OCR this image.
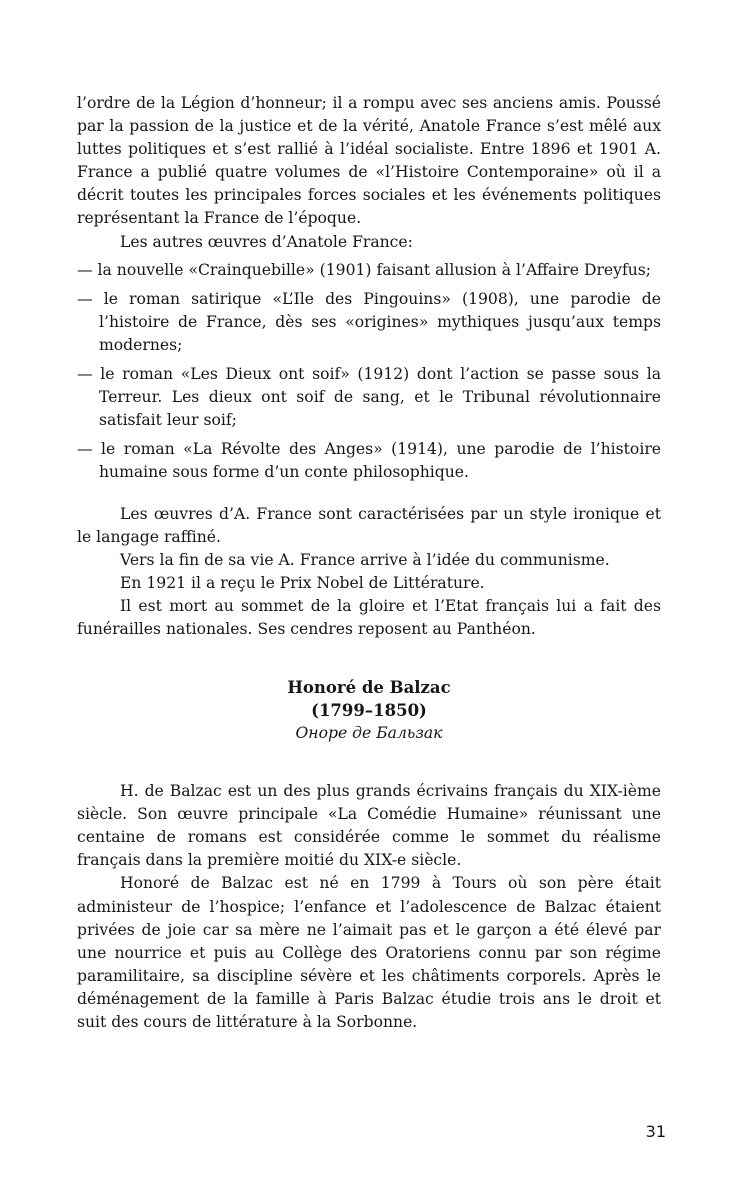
l’ordre de la Légion d’honneur; il a rompu avec ses anciens amis. Poussé par la passion de la justice et de la vérité, Anatole France s’est mêlé aux luttes politiques et s’est rallié à l’idéal socialiste. Entre 1896 et 1901 A. France a publié quatre volumes de «l’Histoire Contemporaine» où il a décrit toutes les principales forces sociales et les événements politiques représentant la France de l’époque.

Les autres œuvres d’Anatole France:

— la nouvelle «Crainquebille» (1901) faisant allusion à l’Affaire Dreyfus;
— le roman satirique «L’Ile des Pingouins» (1908), une parodie de l’histoire de France, dès ses «origines» mythiques jusqu’aux temps modernes;
— le roman «Les Dieux ont soif» (1912) dont l’action se passe sous la Terreur. Les dieux ont soif de sang, et le Tribunal révolutionnaire satisfait leur soif;
— le roman «La Révolte des Anges» (1914), une parodie de l’histoire humaine sous forme d’un conte philosophique.

Les œuvres d’A. France sont caractérisées par un style ironique et le langage raffiné.

Vers la fin de sa vie A. France arrive à l’idée du communisme.

En 1921 il a reçu le Prix Nobel de Littérature.

Il est mort au sommet de la gloire et l’Etat français lui a fait des funérailles nationales. Ses cendres reposent au Panthéon.

Honoré de Balzac
(1799–1850)
Оноре де Бальзак

H. de Balzac est un des plus grands écrivains français du XIX-ième siècle. Son œuvre principale «La Comédie Humaine» réunissant une centaine de romans est considérée comme le sommet du réalisme français dans la première moitié du XIX-e siècle.

Honoré de Balzac est né en 1799 à Tours où son père était administeur de l’hospice; l’enfance et l’adolescence de Balzac étaient privées de joie car sa mère ne l’aimait pas et le garçon a été élevé par une nourrice et puis au Collège des Oratoriens connu par son régime paramilitaire, sa discipline sévère et les châtiments corporels. Après le déménagement de la famille à Paris Balzac étudie trois ans le droit et suit des cours de littérature à la Sorbonne.

31
